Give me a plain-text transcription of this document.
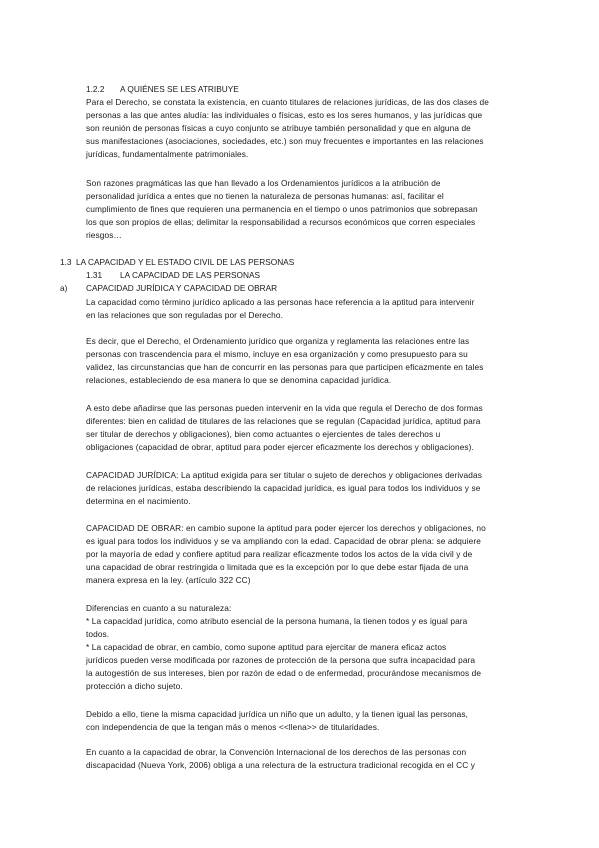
1.2.2 A QUIÉNES SE LES ATRIBUYE
Para el Derecho, se constata la existencia, en cuanto titulares de relaciones jurídicas, de las dos clases de
personas a las que antes aludía: las individuales o físicas, esto es los seres humanos, y las jurídicas que
son reunión de personas físicas a cuyo conjunto se atribuye también personalidad y que en alguna de
sus manifestaciones (asociaciones, sociedades, etc.) son muy frecuentes e importantes en las relaciones
jurídicas, fundamentalmente patrimoniales.
Son razones pragmáticas las que han llevado a los Ordenamientos jurídicos a la atribución de
personalidad jurídica a entes que no tienen la naturaleza de personas humanas: así, facilitar el
cumplimiento de fines que requieren una permanencia en el tiempo o unos patrimonios que sobrepasan
los que son propios de ellas; delimitar la responsabilidad a recursos económicos que corren especiales
riesgos…
1.3 LA CAPACIDAD Y EL ESTADO CIVIL DE LAS PERSONAS
1.31 LA CAPACIDAD DE LAS PERSONAS
a) CAPACIDAD JURÍDICA Y CAPACIDAD DE OBRAR
La capacidad como término jurídico aplicado a las personas hace referencia a la aptitud para intervenir
en las relaciones que son reguladas por el Derecho.
Es decir, que el Derecho, el Ordenamiento jurídico que organiza y reglamenta las relaciones entre las
personas con trascendencia para el mismo, incluye en esa organización y como presupuesto para su
validez, las circunstancias que han de concurrir en las personas para que participen eficazmente en tales
relaciones, estableciendo de esa manera lo que se denomina capacidad jurídica.
A esto debe añadirse que las personas pueden intervenir en la vida que regula el Derecho de dos formas
diferentes: bien en calidad de titulares de las relaciones que se regulan (Capacidad jurídica, aptitud para
ser titular de derechos y obligaciones), bien como actuantes o ejercientes de tales derechos u
obligaciones (capacidad de obrar, aptitud para poder ejercer eficazmente los derechos y obligaciones).
CAPACIDAD JURÍDICA: La aptitud exigida para ser titular o sujeto de derechos y obligaciones derivadas
de relaciones jurídicas, estaba describiendo la capacidad jurídica, es igual para todos los individuos y se
determina en el nacimiento.
CAPACIDAD DE OBRAR: en cambio supone la aptitud para poder ejercer los derechos y obligaciones, no
es igual para todos los individuos y se va ampliando con la edad. Capacidad de obrar plena: se adquiere
por la mayoría de edad y confiere aptitud para realizar eficazmente todos los actos de la vida civil y de
una capacidad de obrar restringida o limitada que es la excepción por lo que debe estar fijada de una
manera expresa en la ley. (artículo 322 CC)
Diferencias en cuanto a su naturaleza:
* La capacidad jurídica, como atributo esencial de la persona humana, la tienen todos y es igual para
todos.
* La capacidad de obrar, en cambio, como supone aptitud para ejercitar de manera eficaz actos
jurídicos pueden verse modificada por razones de protección de la persona que sufra incapacidad para
la autogestión de sus intereses, bien por razón de edad o de enfermedad, procurándose mecanismos de
protección a dicho sujeto.
Debido a ello, tiene la misma capacidad jurídica un niño que un adulto, y la tienen igual las personas,
con independencia de que la tengan más o menos <<llena>> de titularidades.
En cuanto a la capacidad de obrar, la Convención Internacional de los derechos de las personas con
discapacidad (Nueva York, 2006) obliga a una relectura de la estructura tradicional recogida en el CC y
